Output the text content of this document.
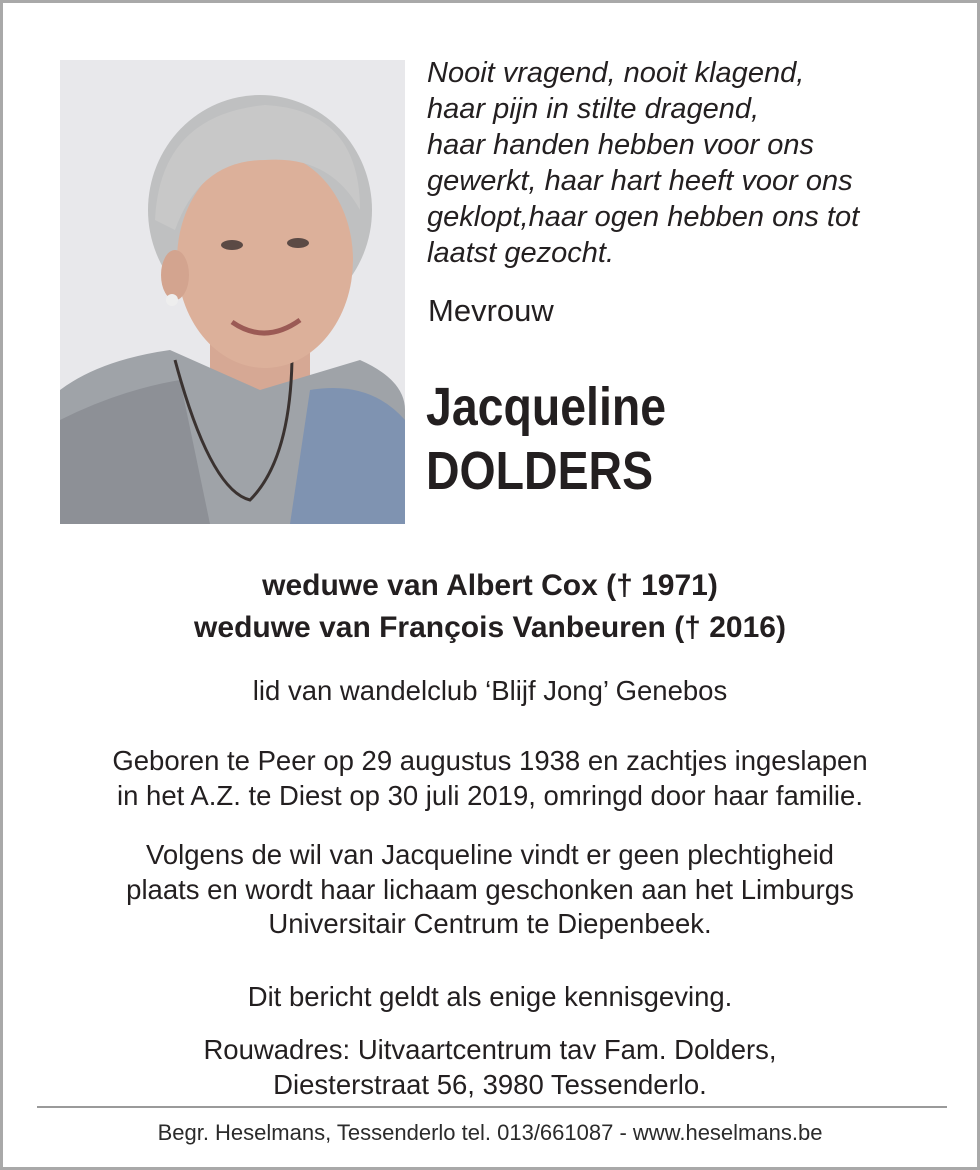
Nooit vragend, nooit klagend,
haar pijn in stilte dragend,
haar handen hebben voor ons
gewerkt, haar hart heeft voor ons
geklopt,haar ogen hebben ons tot
laatst gezocht.
Mevrouw
Jacqueline
DOLDERS
weduwe van Albert Cox († 1971)
weduwe van François Vanbeuren († 2016)
lid van wandelclub ‘Blijf Jong’ Genebos
Geboren te Peer op 29 augustus 1938 en zachtjes ingeslapen
in het A.Z. te Diest op 30 juli 2019, omringd door haar familie.
Volgens de wil van Jacqueline vindt er geen plechtigheid
plaats en wordt haar lichaam geschonken aan het Limburgs
Universitair Centrum te Diepenbeek.
Dit bericht geldt als enige kennisgeving.
Rouwadres: Uitvaartcentrum tav Fam. Dolders,
Diesterstraat 56, 3980 Tessenderlo.
Begr. Heselmans, Tessenderlo tel. 013/661087 - www.heselmans.be
